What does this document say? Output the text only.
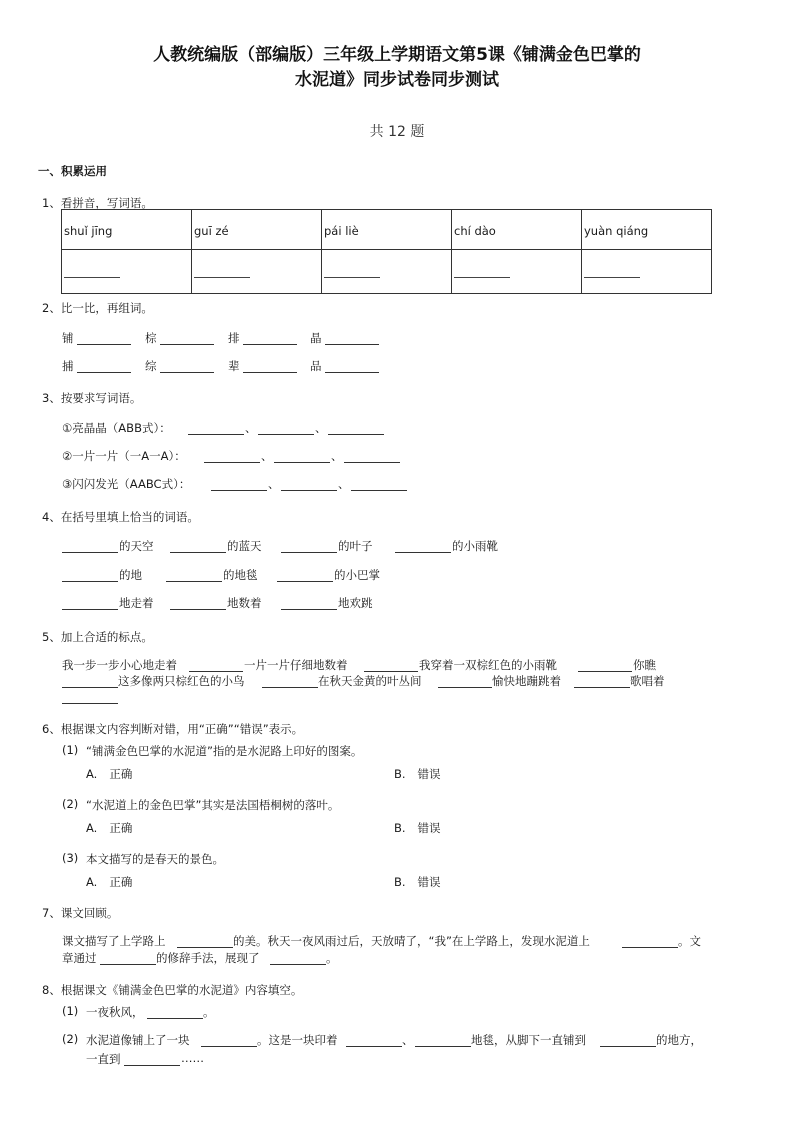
人教统编版（部编版）三年级上学期语文第5课《铺满金色巴掌的
水泥道》同步试卷同步测试
共 12 题
一、积累运用
1、看拼音，写词语。
shuǐ jīng	guī zé	pái liè	chí dào	yuàn qiáng

2、比一比，再组词。
铺	棕	排	晶
捕	综	辈	品
3、按要求写词语。
①亮晶晶（ABB式）：	、	、
②一片一片（一A一A）：	、	、
③闪闪发光（AABC式）：	、	、
4、在括号里填上恰当的词语。
的天空	的蓝天	的叶子	的小雨靴
的地	的地毯	的小巴掌
地走着	地数着	地欢跳
5、加上合适的标点。
我一步一步小心地走着	一片一片仔细地数着	我穿着一双棕红色的小雨靴	你瞧
这多像两只棕红色的小鸟	在秋天金黄的叶丛间	愉快地蹦跳着	歌唱着
6、根据课文内容判断对错，用“正确”“错误”表示。
(1) “铺满金色巴掌的水泥道”指的是水泥路上印好的图案。
A. 正确	B. 错误
(2) “水泥道上的金色巴掌”其实是法国梧桐树的落叶。
A. 正确	B. 错误
(3) 本文描写的是春天的景色。
A. 正确	B. 错误
7、课文回顾。
课文描写了上学路上	的美。秋天一夜风雨过后，天放晴了，“我”在上学路上，发现水泥道上	。文
章通过	的修辞手法，展现了	。
8、根据课文《铺满金色巴掌的水泥道》内容填空。
(1) 一夜秋风，	。
(2) 水泥道像铺上了一块	。这是一块印着	、	地毯，从脚下一直铺到	的地方，
一直到	……
